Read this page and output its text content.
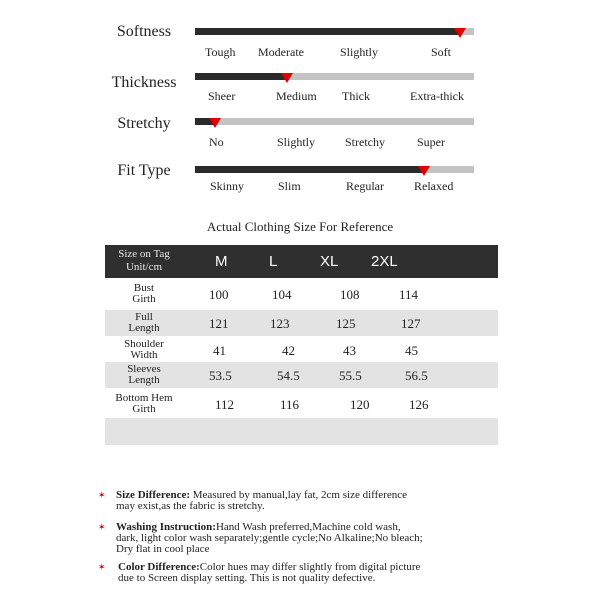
Softness
Tough Moderate	Slightly	Soft
Thickness
Sheer	Medium Thick	Extra-thick
Stretchy
No	Slightly Stretchy	Super
Fit Type
Skinny	Slim	Regular	Relaxed
Actual Clothing Size For Reference
Size on Tag
Unit/cm	M	L	XL 2XL
Bust
Girth	100	104	108	114
Full
Length	121	123	125	127
Shoulder
Width	41	42	43	45
Sleeves
Length	53.5	54.5	55.5	56.5
Bottom Hem
Girth	112	116	120	126
✶ Size Difference: Measured by manual,lay fat, 2cm size difference
may exist,as the fabric is stretchy.
✶ Washing Instruction:Hand Wash preferred,Machine cold wash,
dark, light color wash separately;gentle cycle;No Alkaline;No bleach;
Dry flat in cool place
✶ Color Difference:Color hues may differ slightly from digital picture
due to Screen display setting. This is not quality defective.
